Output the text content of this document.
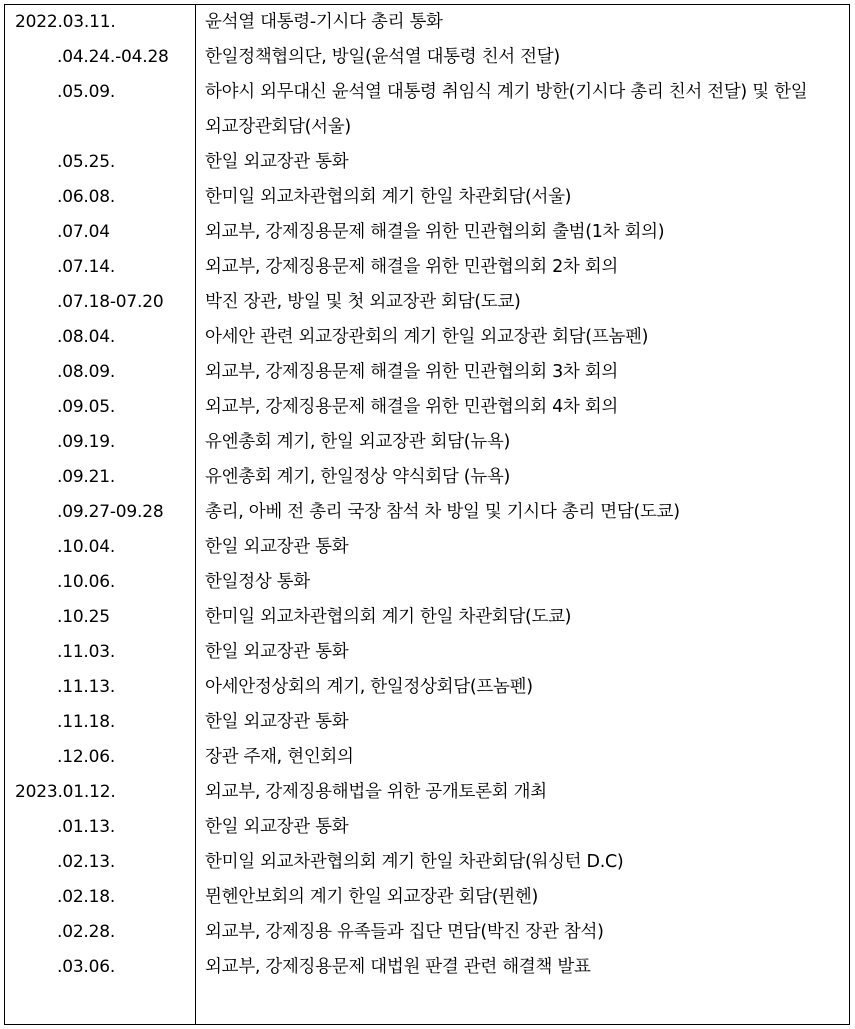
2022.03.11.	윤석열 대통령-기시다 총리 통화
.04.24.-04.28	한일정책협의단, 방일(윤석열 대통령 친서 전달)
.05.09.	하야시 외무대신 윤석열 대통령 취임식 계기 방한(기시다 총리 친서 전달) 및 한일 외교장관회담(서울)
.05.25.	한일 외교장관 통화
.06.08.	한미일 외교차관협의회 계기 한일 차관회담(서울)
.07.04	외교부, 강제징용문제 해결을 위한 민관협의회 출범(1차 회의)
.07.14.	외교부, 강제징용문제 해결을 위한 민관협의회 2차 회의
.07.18-07.20	박진 장관, 방일 및 첫 외교장관 회담(도쿄)
.08.04.	아세안 관련 외교장관회의 계기 한일 외교장관 회담(프놈펜)
.08.09.	외교부, 강제징용문제 해결을 위한 민관협의회 3차 회의
.09.05.	외교부, 강제징용문제 해결을 위한 민관협의회 4차 회의
.09.19.	유엔총회 계기, 한일 외교장관 회담(뉴욕)
.09.21.	유엔총회 계기, 한일정상 약식회담 (뉴욕)
.09.27-09.28	총리, 아베 전 총리 국장 참석 차 방일 및 기시다 총리 면담(도쿄)
.10.04.	한일 외교장관 통화
.10.06.	한일정상 통화
.10.25	한미일 외교차관협의회 계기 한일 차관회담(도쿄)
.11.03.	한일 외교장관 통화
.11.13.	아세안정상회의 계기, 한일정상회담(프놈펜)
.11.18.	한일 외교장관 통화
.12.06.	장관 주재, 현인회의
2023.01.12.	외교부, 강제징용해법을 위한 공개토론회 개최
.01.13.	한일 외교장관 통화
.02.13.	한미일 외교차관협의회 계기 한일 차관회담(워싱턴 D.C)
.02.18.	뮌헨안보회의 계기 한일 외교장관 회담(뮌헨)
.02.28.	외교부, 강제징용 유족들과 집단 면담(박진 장관 참석)
.03.06.	외교부, 강제징용문제 대법원 판결 관련 해결책 발표
